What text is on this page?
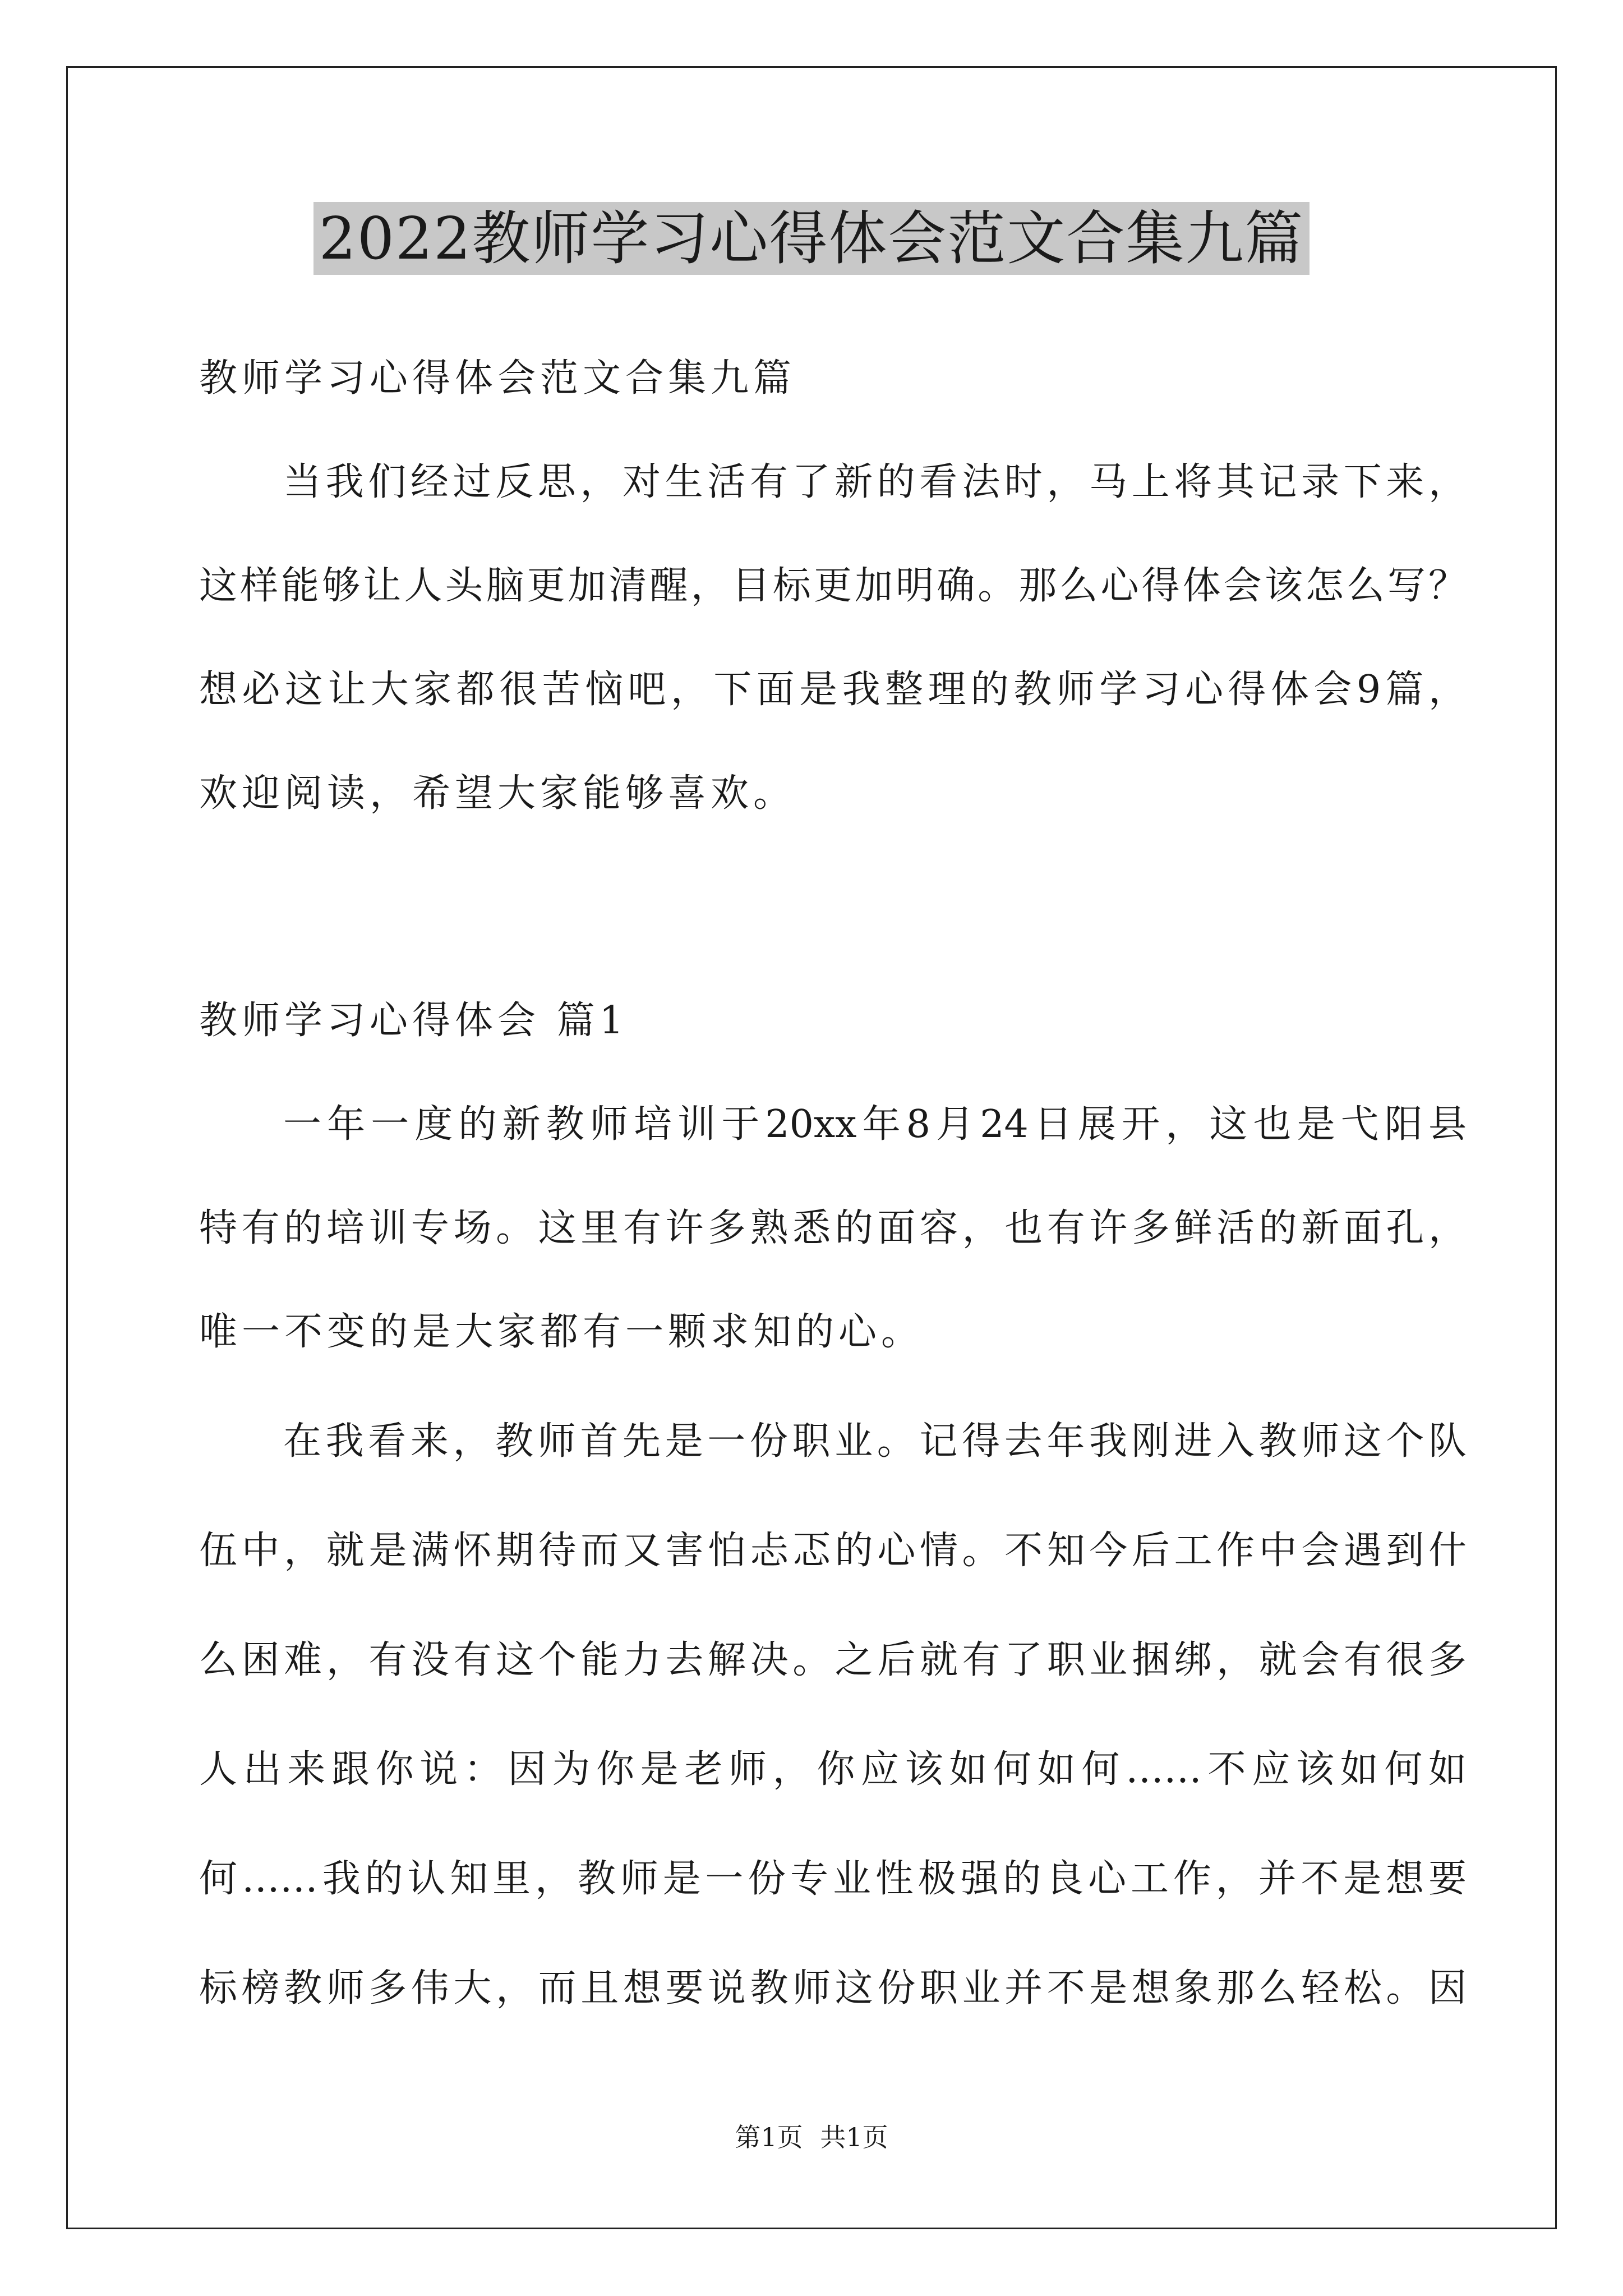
2022教师学习心得体会范文合集九篇
教师学习心得体会范文合集九篇
当我们经过反思，对生活有了新的看法时，马上将其记录下来，
这样能够让人头脑更加清醒，目标更加明确。那么心得体会该怎么写？
想必这让大家都很苦恼吧，下面是我整理的教师学习心得体会9篇，
欢迎阅读，希望大家能够喜欢。
教师学习心得体会 篇1
一年一度的新教师培训于20xx年8月24日展开，这也是弋阳县
特有的培训专场。这里有许多熟悉的面容，也有许多鲜活的新面孔，
唯一不变的是大家都有一颗求知的心。
在我看来，教师首先是一份职业。记得去年我刚进入教师这个队
伍中，就是满怀期待而又害怕忐忑的心情。不知今后工作中会遇到什
么困难，有没有这个能力去解决。之后就有了职业捆绑，就会有很多
人出来跟你说：因为你是老师，你应该如何如何……不应该如何如
何……我的认知里，教师是一份专业性极强的良心工作，并不是想要
标榜教师多伟大，而且想要说教师这份职业并不是想象那么轻松。因
第1页 共1页
